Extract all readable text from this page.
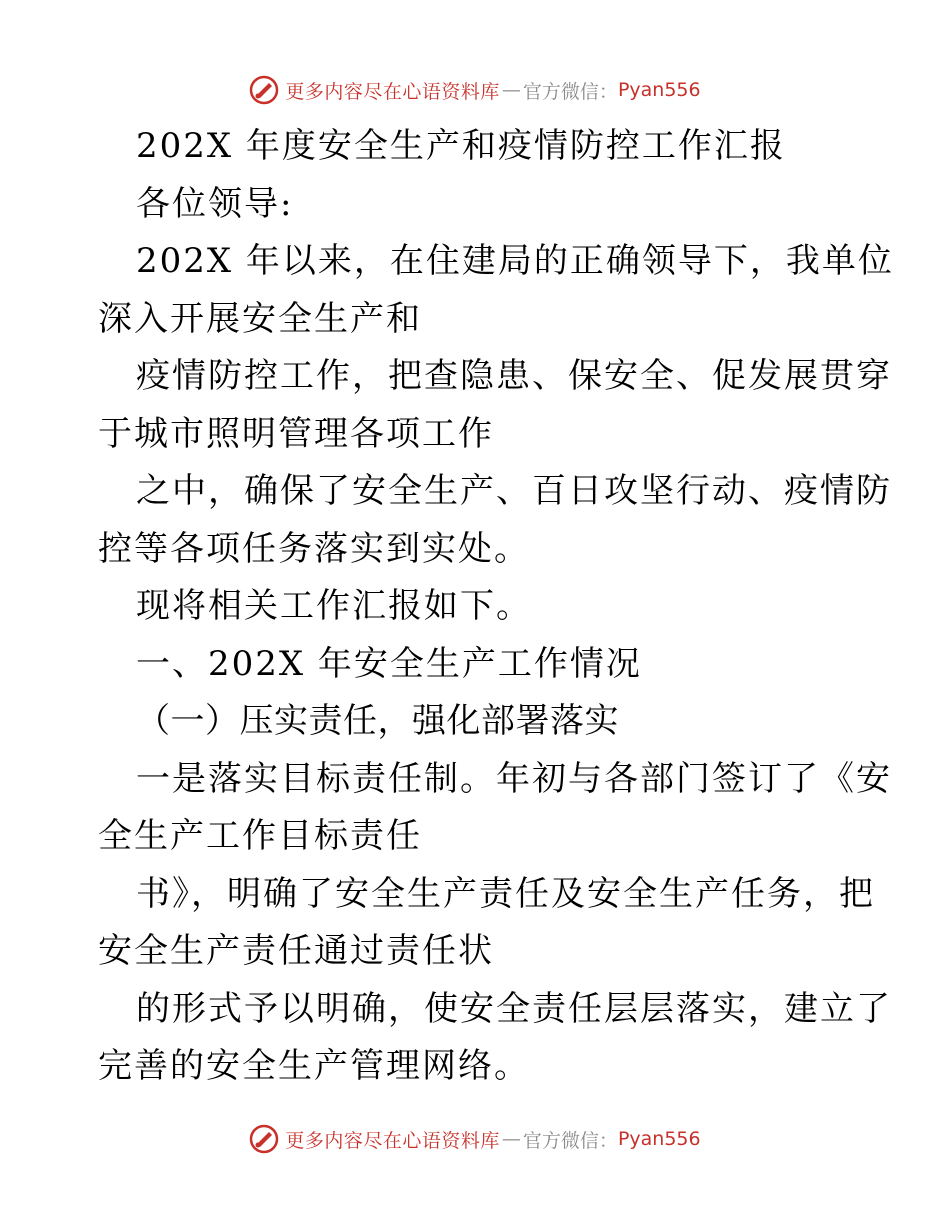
更多内容尽在心语资料库 — 官方微信： Pyan556
202X 年度安全生产和疫情防控工作汇报
各位领导:
202X 年以来，在住建局的正确领导下，我单位
深入开展安全生产和
疫情防控工作，把查隐患、保安全、促发展贯穿
于城市照明管理各项工作
之中，确保了安全生产、百日攻坚行动、疫情防
控等各项任务落实到实处。
现将相关工作汇报如下。
一、202X 年安全生产工作情况
（一）压实责任，强化部署落实
一是落实目标责任制。年初与各部门签订了《安
全生产工作目标责任
书》，明确了安全生产责任及安全生产任务，把
安全生产责任通过责任状
的形式予以明确，使安全责任层层落实，建立了
完善的安全生产管理网络。
更多内容尽在心语资料库 — 官方微信： Pyan556
